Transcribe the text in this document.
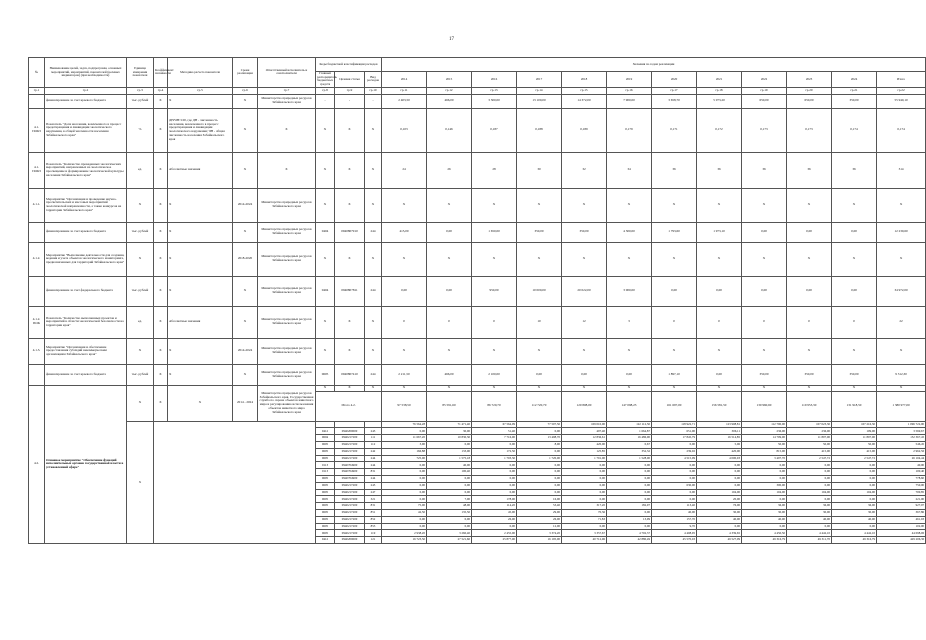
17
№	Наименование целей, задач, подпрограмм, основных мероприятий, мероприятий, показателей (целевых индикаторов) (при необходимости)	Единица измерения показателя	Коэффициент значимости	Методика расчета показателя	Сроки реализации	Ответственный исполнитель и соисполнители	Коды бюджетной классификации расходов			Значения по годам реализации											
							Главный распорядитель бюджетных средств	Целевая статья	Вид расходов	2014	2015	2016	2017	2018	2019	2020	2021	2022	2023	2024	Итого
гр.1	гр.2	гр.3	гр.4	гр.5	гр.6	гр.7	гр.8	гр.9	гр.10	гр.11	гр.12	гр.13	гр.14	гр.15	гр.16	гр.17	гр.18	гр.19	гр.20	гр.21	гр.22
	финансирование за счет краевого бюджета	тыс. рублей	Х	Х	Х	Министерство природных ресурсов Забайкальского края	-	-	-	2 403,50	466,00	3 300,00	13 100,00	14 372,00	7 900,00	3 658,70	5 073,20	650,00	650,00	350,00	55 940,10
4.1. ПОКЗ	Показатель "Доля населения, вовлеченного в процесс предотвращения и ликвидации экологического нарушения, в общей численности населения Забайкальского края"	%	Х	ДН/ЧН×100, где ДН - численность населения, вовлеченного в процесс предотвращения и ликвидации экологического нарушения; ЧН - общая численность населения Забайкальского края	Х	Х	Х	Х	Х	0,103	0,146	0,187	0,188	0,189	0,179	0,171	0,172	0,173	0,173	0,174	0,174
4.1. ПОКЗ	Показатель "Количество проведенных экологических мероприятий, направленных на экологическое просвещение и формирование экологической культуры населения Забайкальского края"	ед.	Х	Абсолютные значения	Х	Х	Х	Х	Х	24	26	28	30	32	34	36	36	36	36	36	314
4.1.1.	Мероприятие "Организация и проведение научно-просветительских и массовых мероприятий экологической направленности, а также конкурсов на территории Забайкальского края"	Х	Х	Х	2014-2024	Министерство природных ресурсов Забайкальского края	Х	Х	Х	Х	Х	Х	Х	Х	Х	Х	Х	Х	Х	Х	Х
	финансирование за счет краевого бюджета	тыс. рублей	Х	Х	Х	Министерство природных ресурсов Забайкальского края	0404	0940807910	244	415,00	0,00	1 650,00	350,00	350,00	4 300,00	1 793,60	1 973,10	0,00	0,00	0,00	12 230,60
4.1.2.	Мероприятие "Выполнение деятельности для создания, ведения и учета объектов экологического мониторинга, предназначенных для территорий Забайкальского края"	Х	Х	Х	2018-2020	Министерство природных ресурсов Забайкальского края	Х	Х	Х	Х	Х	Х	Х	Х	Х	Х	Х	Х	Х	Х	Х
	финансирование за счет федерального бюджета	тыс. рублей	Х	Х	Х	Министерство природных ресурсов Забайкальского края	0404	0940807811	244	0,00	0,00	950,00	10 000,00	20 022,00	3 000,00	0,00	0,00	0,00	0,00	0,00	34 972,00
4.1.2. ПОК	Показатель "Количество выполненных проектов и мероприятий в области экологической безопасности на территории края"	ед.	Х	Абсолютные значения	Х	Министерство природных ресурсов Забайкальского края	Х	Х	Х	0	0	0	10	12	3	0	0	0	0	0	22
4.1.3.	Мероприятие "Организация и обеспечение предоставления субсидий некоммерческим организациям Забайкальского края"	Х	Х	Х	2014-2024	Министерство природных ресурсов Забайкальского края	Х	Х	Х	Х	Х	Х	Х	Х	Х	Х	Х	Х	Х	Х	Х
	финансирование за счет краевого бюджета	тыс. рублей	Х	Х	Х	Министерство природных ресурсов Забайкальского края	0605	0940807410	244	2 211,50	466,00	2 100,00	0,00	0,00	0,00	1 897,10	0,00	350,00	350,00	350,00	9 312,30
4.2.	Основное мероприятие "Обеспечение функций исполнительных органов государственной власти в установленной сфере"	Х	Х	Х	2014 - 2024	Министерство природных ресурсов Забайкальского края, Государственная служба по охране объектов животного мира и регулированию использования объектов животного мира Забайкальского края	Х	Х	Х	Х	Х	Х	Х	Х	Х	Х	Х	Х	Х	Х	Х
							Итого 4.2.			97 538,50	85 591,60	86 720,70	112 720,70	120 808,00	147 098,23	161 697,00	156 581,50	130 960,60	119 953,30	131 918,50	1 380 977,00
		Х								76 564,28	71 471,40	67 564,09	77 507,50	109 010,00	122 112,50	118 922,71	123 908,81	112 790,00	107 023,30	107 216,30	1 096 722,00
							0412	0940209000	243	0,00	30,00	51,40	0,00	497,40	1 664,87	651,00	306,11	236,00	236,00	109,00	3 569,67
							0604	0940217200	111	11 667,20	10 830,30	7 716,00	13 498,70	12 836,61	16 486,90	17 845,79	16 514,85	14 709,00	11 897,00	11 897,00	152 367,45
							0605	0940217200	112	3,90	0,00	0,00	8,90	420,00	0,67	0,00	5,06	50,00	50,00	50,00	546,45
							0605	0940217200	242	166,88	133,00	172,50	0,00	125,85	352,32	239,02	420,00	815,00	415,00	415,00	2 962,50
							0605	0940217200	244	725,00	1 575,18	1 703,30	1 720,00	1 791,00	1 528,00	4 515,09	4 000,93	3 497,70	2 547,72	2 547,72	26 104,44
							0113	0940704900	244	0,00	40,00	0,00	0,00	0,00	0,00	0,00	0,00	0,00	0,00	0,00	40,00
							0113	0940704900	831	0,00	100,40	0,00	0,00	0,00	0,00	0,00	0,00	0,00	0,00	0,00	100,40
							0605	0940704900	244	0,00	0,00	0,00	0,00	0,00	0,00	0,00	0,00	0,00	0,00	0,00	778,60
							0605	0940217200	245	0,00	0,00	0,00	0,00	0,00	0,00	630,00	0,00	300,00	0,00	0,00	750,00
							0605	0940217200	247	0,00	0,00	0,00	0,00	0,00	0,00	0,00	104,00	104,00	104,00	104,00	700,85
							0605	0940217200	321	0,00	7,00	178,00	16,00	0,00	0,00	0,00	20,00	0,00	0,00	0,00	221,00
							0605	0940217200	831	75,00	48,00	114,20	53,40	317,20	182,97	113,40	76,00	36,00	36,00	36,00	927,97
							0605	0940217200	851	42,50	135,50	45,00	29,90	70,36	0,00	40,00	30,00	30,00	30,00	30,00	367,86
							0605	0940217200	852	0,00	0,00	26,00	26,00	71,83	13,99	157,70	40,00	40,00	40,00	40,00	461,93
							0605	0940217200	853	0,00	0,00	0,00	12,00	0,00	0,00	9,70	0,00	0,00	0,00	0,00	102,00
							0605	0940217200	119	2 938,20	3 260,40	2 455,00	3 374,20	3 357,67	4 702,37	4 408,95	4 339,65	4 450,50	4 442,10	4 442,10	44 098,00
							0412	0940209000	121	16 723,50	27 521,60	25 877,00	16 195,00	40 712,96	42 880,49	45 570,03	49 527,09	49 316,79	49 311,70	49 316,79	429 206,30
